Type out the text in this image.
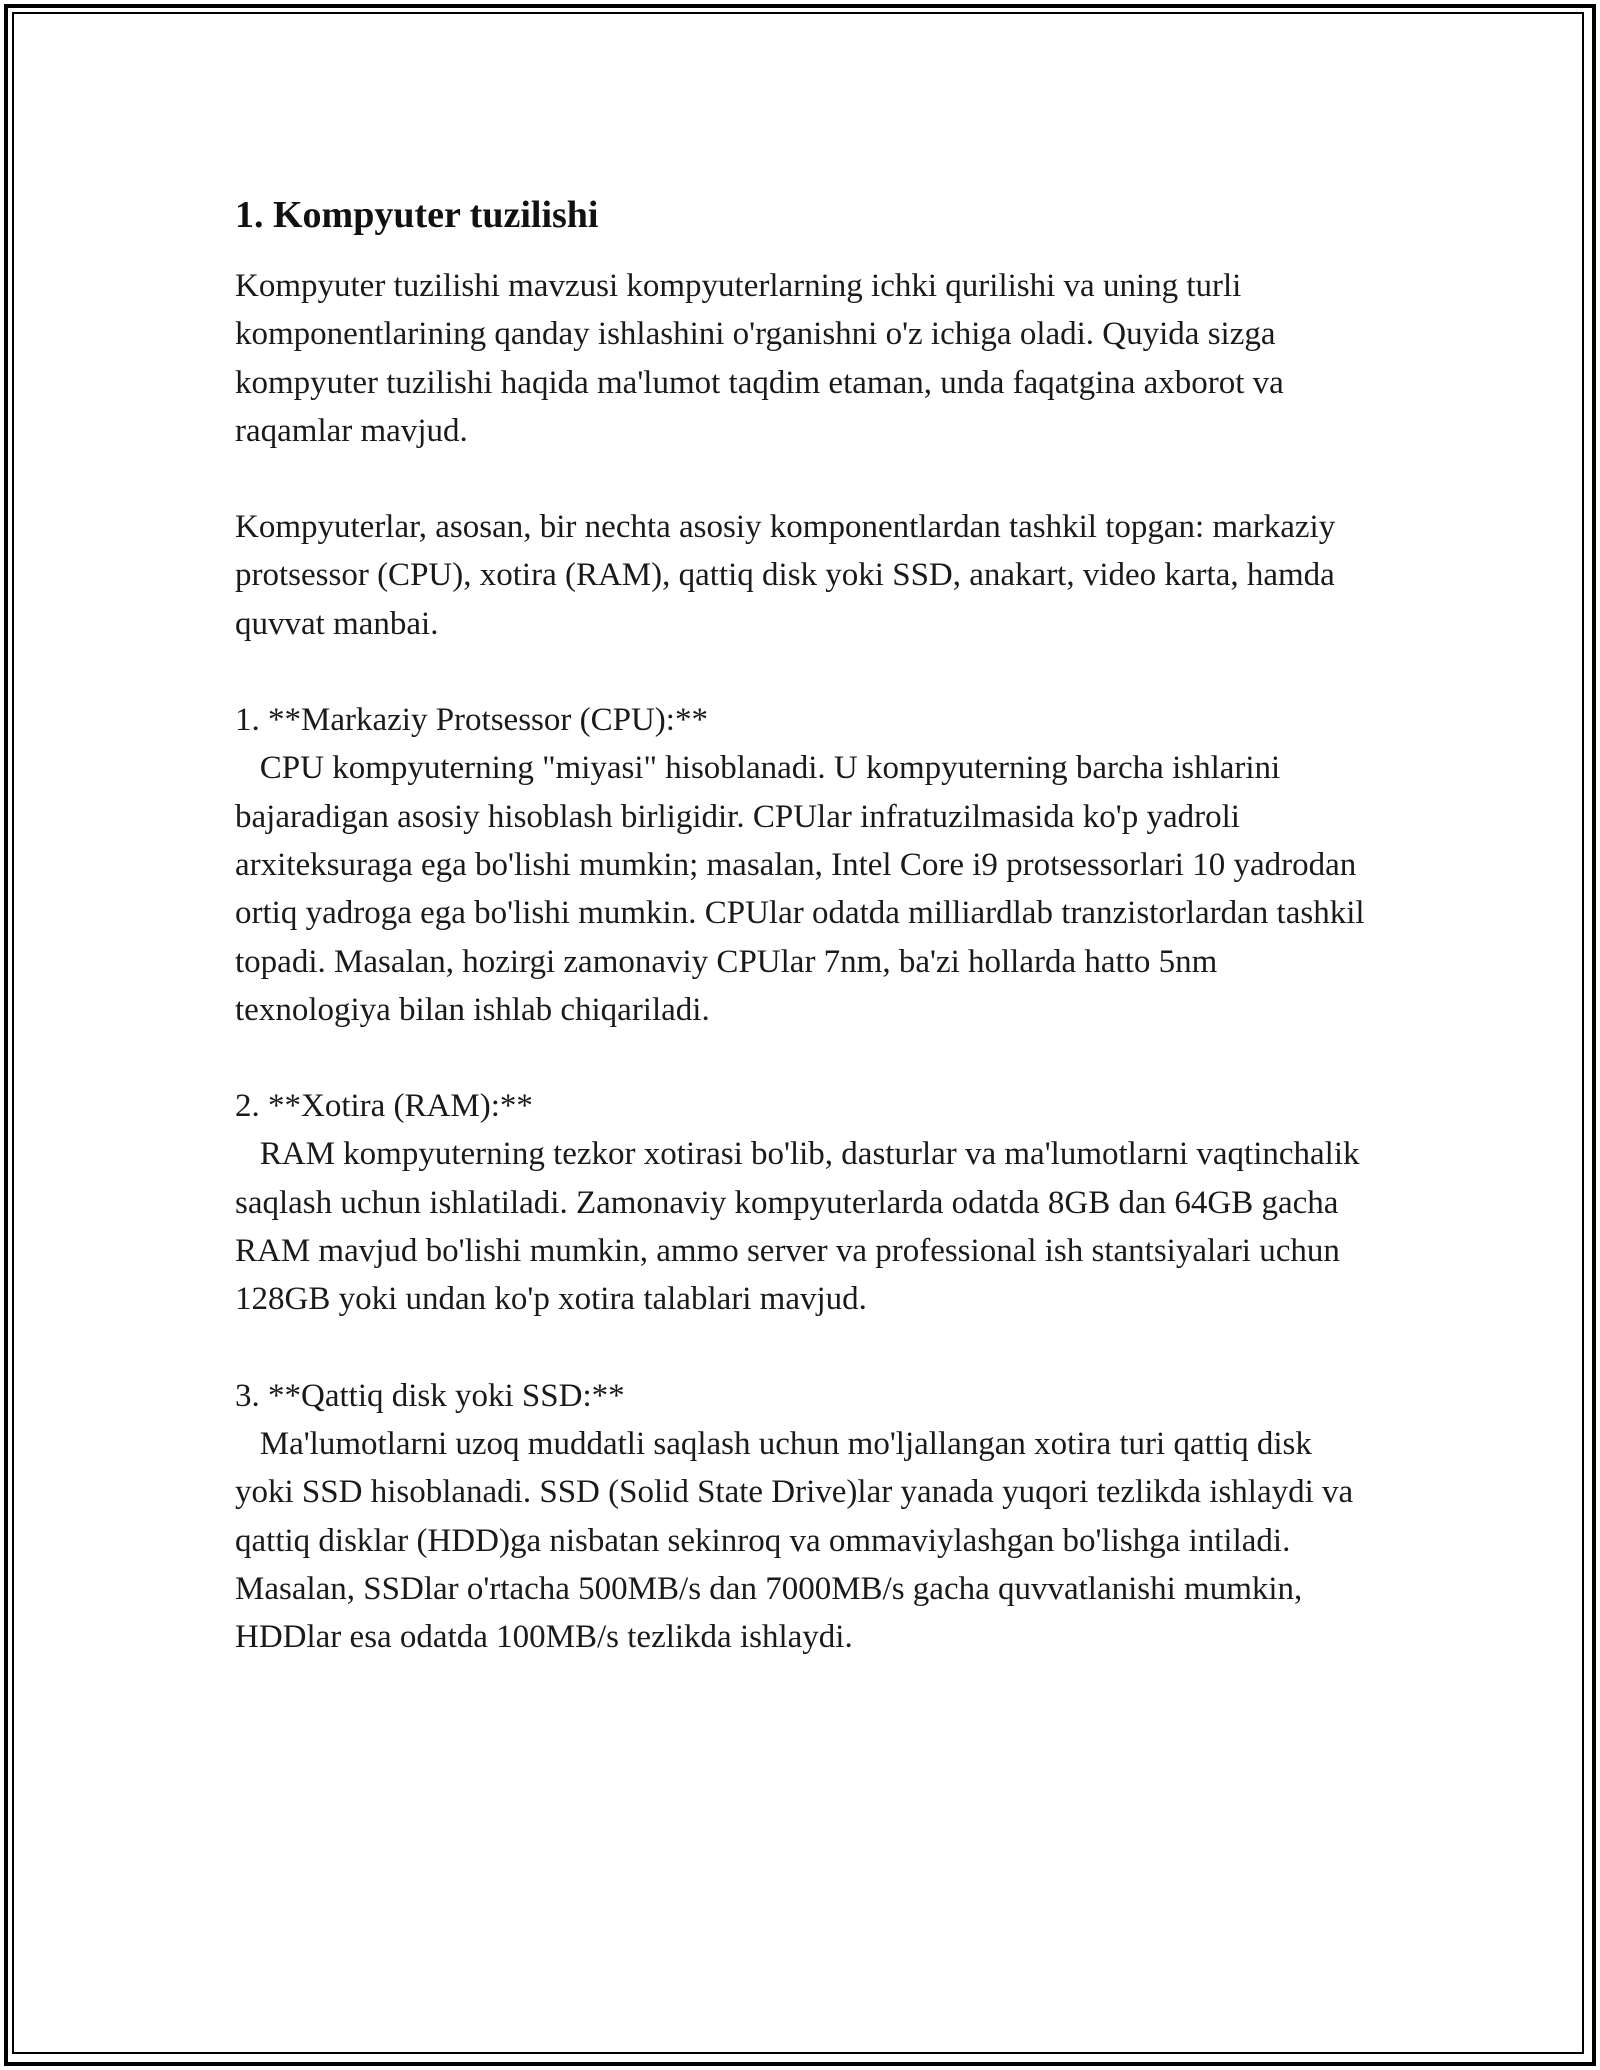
1. Kompyuter tuzilishi

Kompyuter tuzilishi mavzusi kompyuterlarning ichki qurilishi va uning turli komponentlarining qanday ishlashini o'rganishni o'z ichiga oladi. Quyida sizga kompyuter tuzilishi haqida ma'lumot taqdim etaman, unda faqatgina axborot va raqamlar mavjud.

Kompyuterlar, asosan, bir nechta asosiy komponentlardan tashkil topgan: markaziy protsessor (CPU), xotira (RAM), qattiq disk yoki SSD, anakart, video karta, hamda quvvat manbai.

1. **Markaziy Protsessor (CPU):**

CPU kompyuterning "miyasi" hisoblanadi. U kompyuterning barcha ishlarini bajaradigan asosiy hisoblash birligidir. CPUlar infratuzilmasida ko'p yadroli arxiteksuraga ega bo'lishi mumkin; masalan, Intel Core i9 protsessorlari 10 yadrodan ortiq yadroga ega bo'lishi mumkin. CPUlar odatda milliardlab tranzistorlardan tashkil topadi. Masalan, hozirgi zamonaviy CPUlar 7nm, ba'zi hollarda hatto 5nm texnologiya bilan ishlab chiqariladi.

2. **Xotira (RAM):**

RAM kompyuterning tezkor xotirasi bo'lib, dasturlar va ma'lumotlarni vaqtinchalik saqlash uchun ishlatiladi. Zamonaviy kompyuterlarda odatda 8GB dan 64GB gacha RAM mavjud bo'lishi mumkin, ammo server va professional ish stantsiyalari uchun 128GB yoki undan ko'p xotira talablari mavjud.

3. **Qattiq disk yoki SSD:**

Ma'lumotlarni uzoq muddatli saqlash uchun mo'ljallangan xotira turi qattiq disk yoki SSD hisoblanadi. SSD (Solid State Drive)lar yanada yuqori tezlikda ishlaydi va qattiq disklar (HDD)ga nisbatan sekinroq va ommaviylashgan bo'lishga intiladi. Masalan, SSDlar o'rtacha 500MB/s dan 7000MB/s gacha quvvatlanishi mumkin, HDDlar esa odatda 100MB/s tezlikda ishlaydi.
